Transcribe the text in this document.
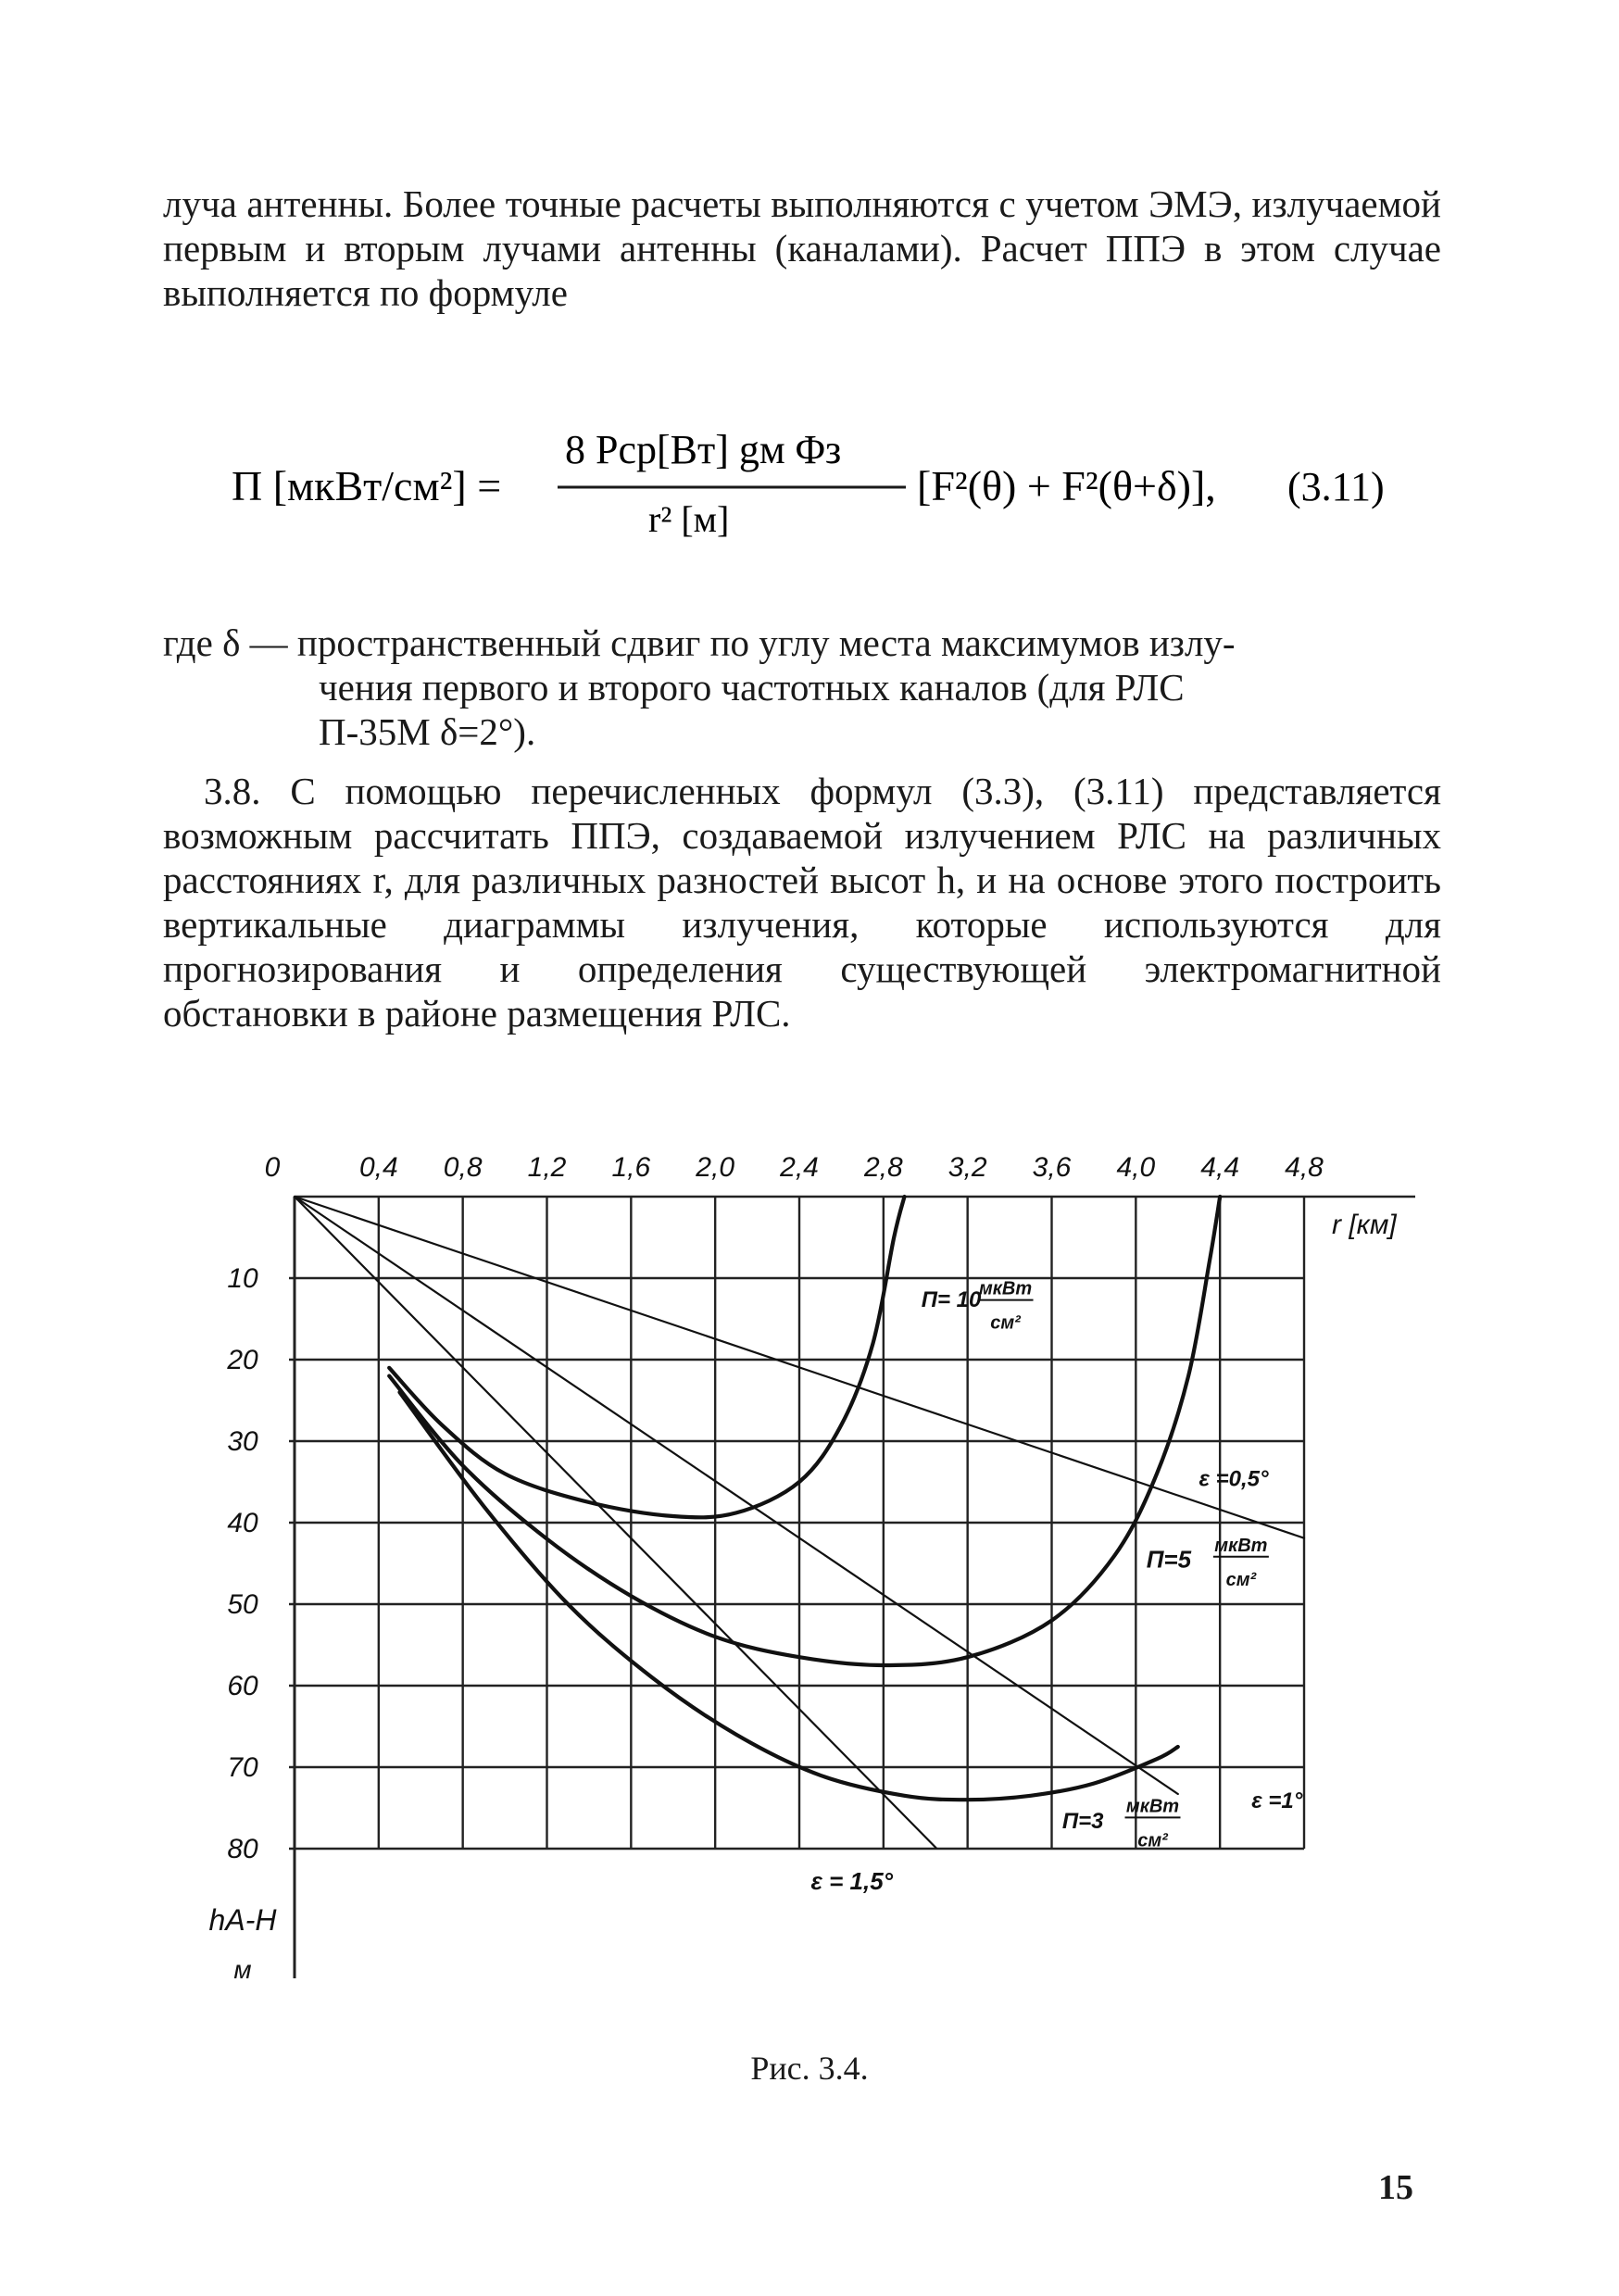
луча антенны. Более точные расчеты выполняются с учетом ЭМЭ, излучаемой первым и вторым лучами антенны (каналами). Расчет ППЭ в этом случае выполняется по формуле
П [мкВт/см²] =
8 Pср[Вт] gм Φз
r² [м]
[F²(θ) + F²(θ+δ)], (3.11)
где δ — пространственный сдвиг по углу места максимумов излу-
чения первого и второго частотных каналов (для РЛС
П-35М δ=2°).
3.8. С помощью перечисленных формул (3.3), (3.11) представляется возможным рассчитать ППЭ, создаваемой излучением РЛС на различных расстояниях r, для различных разностей высот h, и на основе этого построить вертикальные диаграммы излучения, которые используются для прогнозирования и определения существующей электромагнитной обстановки в районе размещения РЛС.
0	0,4 0,8 1,2 1,6 2,0 2,4 2,8 3,2 3,6 4,0 4,4 4,8
10
20
30
40
50
60
70
80
r [км]
hA-H
м
П= 10
мкВт
см²
П=5 мкВт
см²
П=3
мкВт
см²
ε =0,5°
ε =1°
ε = 1,5°
Рис. 3.4.
15
